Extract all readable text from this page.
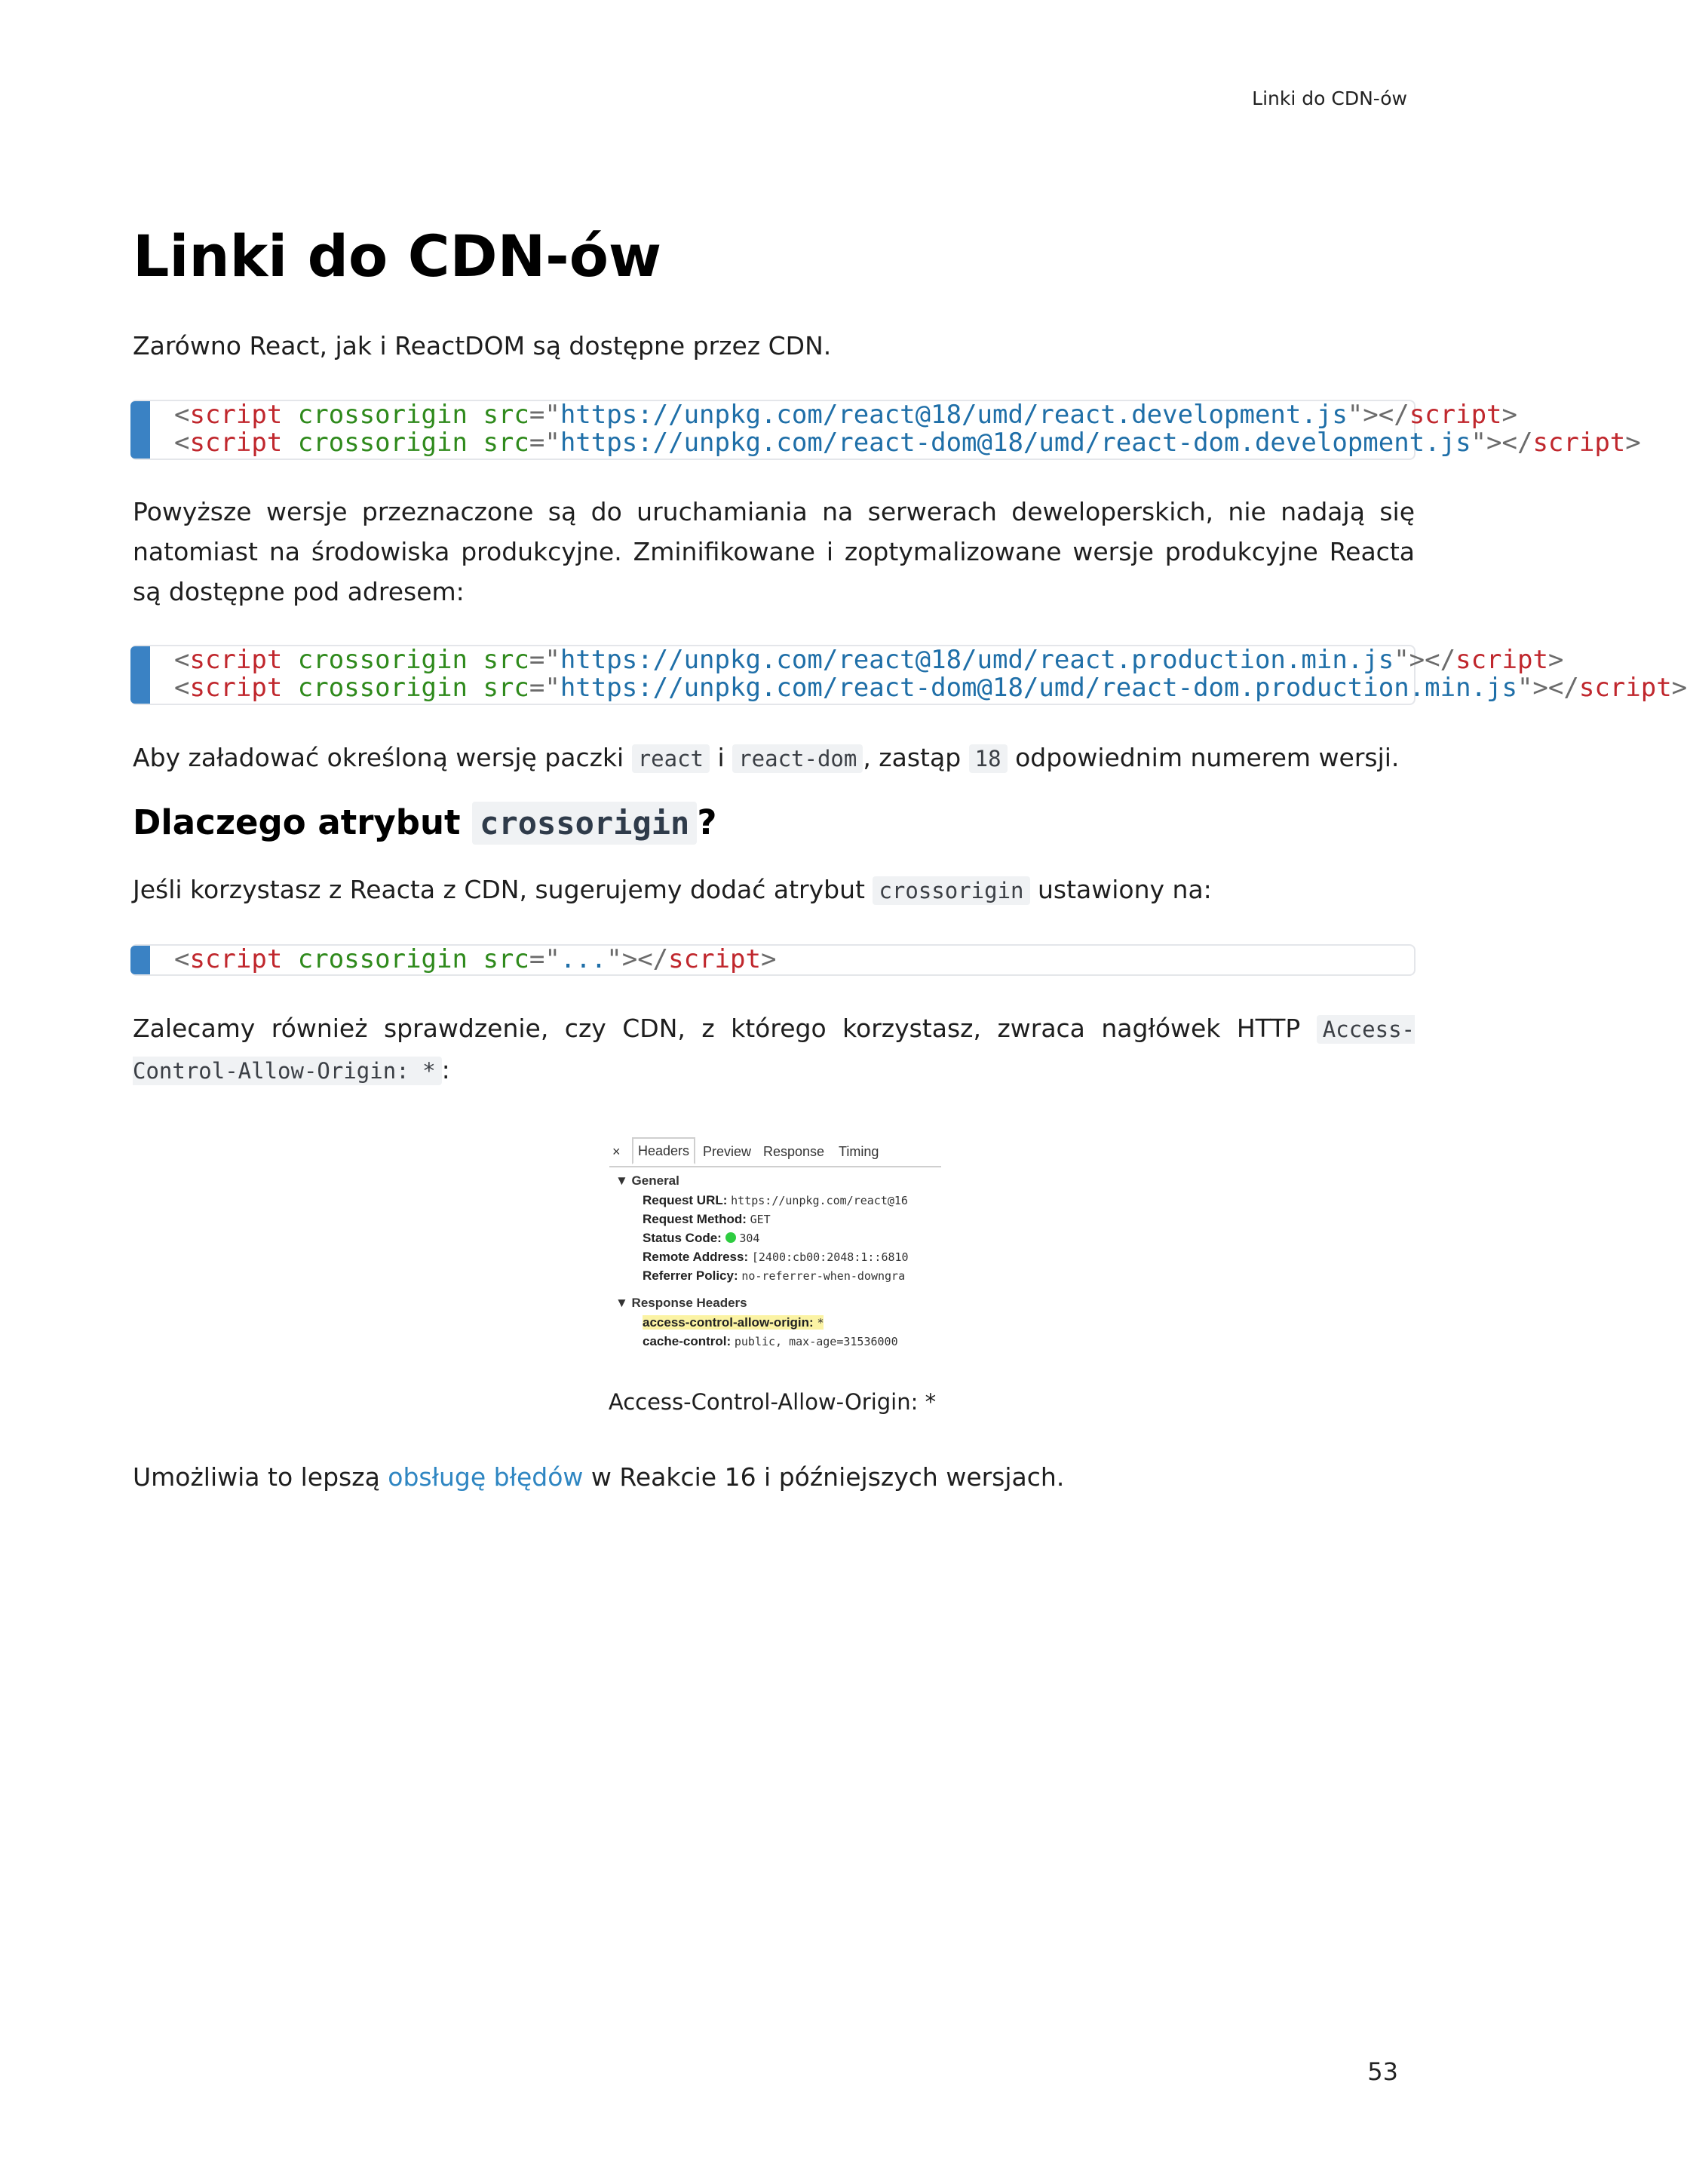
Linki do CDN-ów
Linki do CDN-ów

Zarówno React, jak i ReactDOM są dostępne przez CDN.

<script crossorigin src="https://unpkg.com/react@18/umd/react.development.js"></script>
<script crossorigin src="https://unpkg.com/react-dom@18/umd/react-dom.development.js"></script>

Powyższe wersje przeznaczone są do uruchamiania na serwerach deweloperskich, nie nadają się natomiast na środowiska produkcyjne. Zminifikowane i zoptymalizowane wersje produkcyjne Reacta są dostępne pod adresem:

<script crossorigin src="https://unpkg.com/react@18/umd/react.production.min.js"></script>
<script crossorigin src="https://unpkg.com/react-dom@18/umd/react-dom.production.min.js"></script>

Aby załadować określoną wersję paczki react i react-dom , zastąp 18 odpowiednim numerem wersji.

Dlaczego atrybut crossorigin ?

Jeśli korzystasz z Reacta z CDN, sugerujemy dodać atrybut crossorigin ustawiony na:

<script crossorigin src="..."></script>

Zalecamy również sprawdzenie, czy CDN, z którego korzystasz, zwraca nagłówek HTTP Access-Control-Allow-Origin: * :

×	Headers Preview Response Timing
▼ General
Request URL: https://unpkg.com/react@16
Request Method: GET
Status Code: 304
Remote Address: [2400:cb00:2048:1::6810
Referrer Policy: no-referrer-when-downgra
▼ Response Headers
access-control-allow-origin: *
cache-control: public, max-age=31536000
Access-Control-Allow-Origin: *

Umożliwia to lepszą obsługę błędów w Reakcie 16 i późniejszych wersjach.

53
